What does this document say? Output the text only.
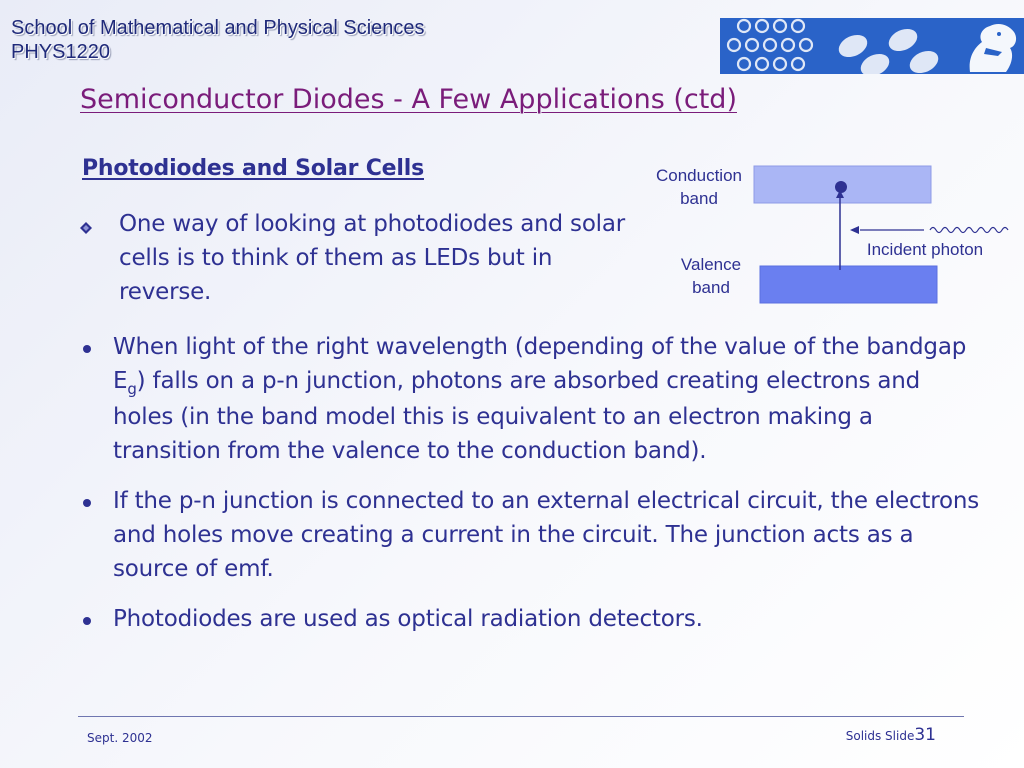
School of Mathematical and Physical Sciences
PHYS1220
Semiconductor Diodes - A Few Applications (ctd)
Photodiodes and Solar Cells
One way of looking at photodiodes and solar cells is to think of them as LEDs but in reverse.
Conduction
band
Valence
band
Incident photon
When light of the right wavelength (depending of the value of the bandgap $E_g$) falls on a p-n junction, photons are absorbed creating electrons and holes (in the band model this is equivalent to an electron making a transition from the valence to the conduction band).
If the p-n junction is connected to an external electrical circuit, the electrons and holes move creating a current in the circuit. The junction acts as a source of emf.
Photodiodes are used as optical radiation detectors.
Sept. 2002	Solids Slide31
